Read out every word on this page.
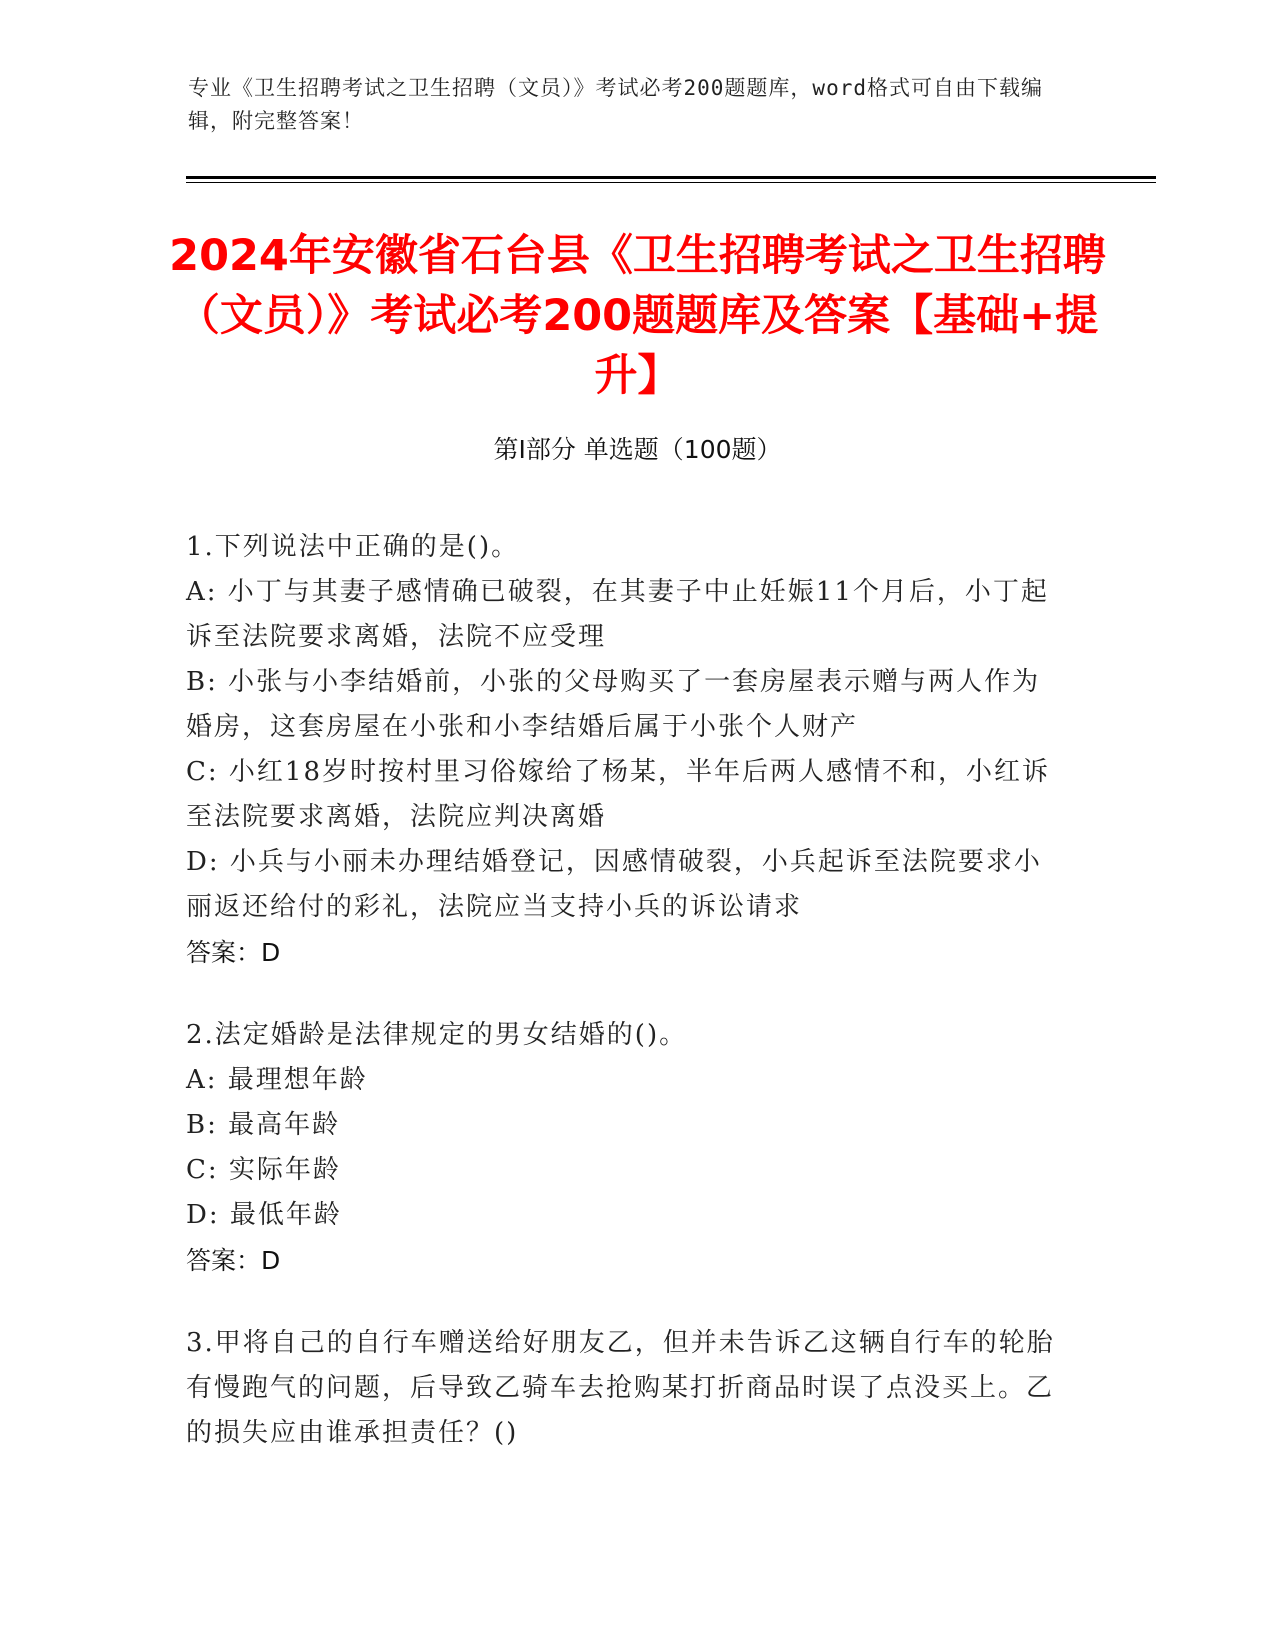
专业《卫生招聘考试之卫生招聘（文员）》考试必考200题题库，word格式可自由下载编辑，附完整答案！
2024年安徽省石台县《卫生招聘考试之卫生招聘（文员）》考试必考200题题库及答案【基础+提升】
第Ⅰ部分 单选题（100题）
1.下列说法中正确的是()。
A: 小丁与其妻子感情确已破裂，在其妻子中止妊娠11个月后，小丁起诉至法院要求离婚，法院不应受理
B: 小张与小李结婚前，小张的父母购买了一套房屋表示赠与两人作为婚房，这套房屋在小张和小李结婚后属于小张个人财产
C: 小红18岁时按村里习俗嫁给了杨某，半年后两人感情不和，小红诉至法院要求离婚，法院应判决离婚
D: 小兵与小丽未办理结婚登记，因感情破裂，小兵起诉至法院要求小丽返还给付的彩礼，法院应当支持小兵的诉讼请求
答案：D
2.法定婚龄是法律规定的男女结婚的()。
A: 最理想年龄
B: 最高年龄
C: 实际年龄
D: 最低年龄
答案：D
3.甲将自己的自行车赠送给好朋友乙，但并未告诉乙这辆自行车的轮胎有慢跑气的问题，后导致乙骑车去抢购某打折商品时误了点没买上。乙的损失应由谁承担责任？()
